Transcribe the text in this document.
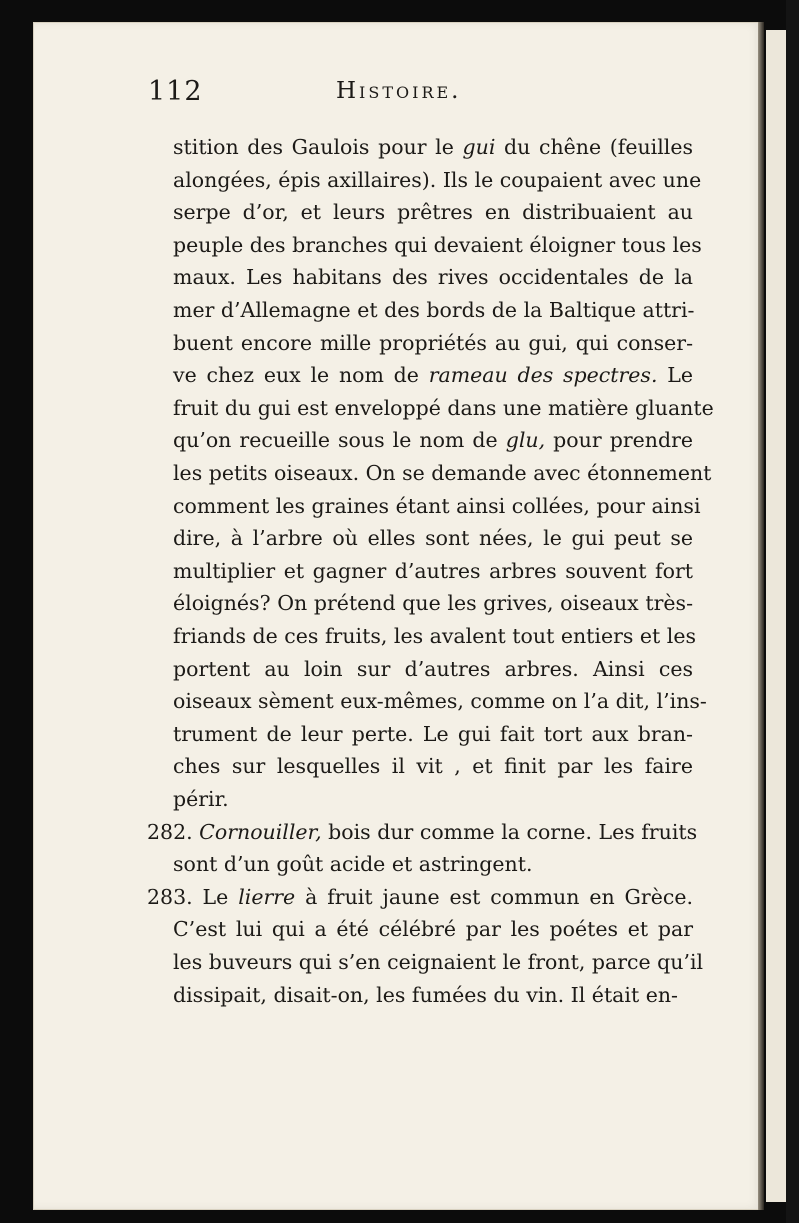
112	Histoire.
stition des Gaulois pour le gui du chêne (feuilles
alongées, épis axillaires). Ils le coupaient avec une
serpe d’or, et leurs prêtres en distribuaient au
peuple des branches qui devaient éloigner tous les
maux. Les habitans des rives occidentales de la
mer d’Allemagne et des bords de la Baltique attri-
buent encore mille propriétés au gui, qui conser-
ve chez eux le nom de rameau des spectres. Le
fruit du gui est enveloppé dans une matière gluante
qu’on recueille sous le nom de glu, pour prendre
les petits oiseaux. On se demande avec étonnement
comment les graines étant ainsi collées, pour ainsi
dire, à l’arbre où elles sont nées, le gui peut se
multiplier et gagner d’autres arbres souvent fort
éloignés? On prétend que les grives, oiseaux très-
friands de ces fruits, les avalent tout entiers et les
portent au loin sur d’autres arbres. Ainsi ces
oiseaux sèment eux-mêmes, comme on l’a dit, l’ins-
trument de leur perte. Le gui fait tort aux bran-
ches sur lesquelles il vit , et finit par les faire
périr.
282. Cornouiller, bois dur comme la corne. Les fruits
sont d’un goût acide et astringent.
283. Le lierre à fruit jaune est commun en Grèce.
C’est lui qui a été célébré par les poétes et par
les buveurs qui s’en ceignaient le front, parce qu’il
dissipait, disait-on, les fumées du vin. Il était en-
